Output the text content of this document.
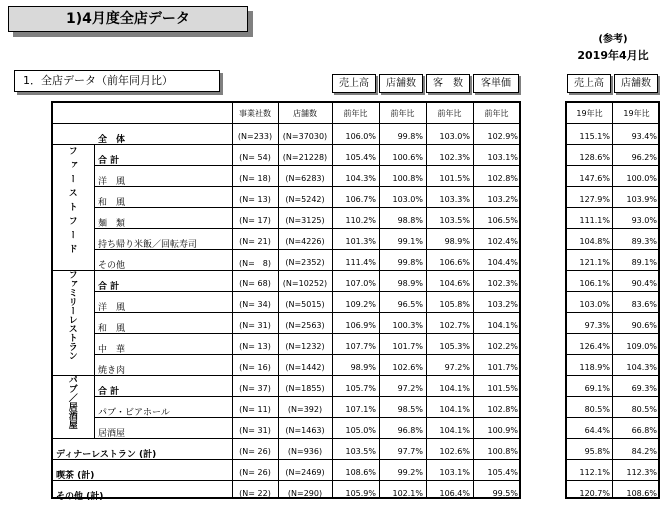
1)4月度全店データ
(参考)
2019年4月比
1．全店データ（前年同月比）	売上高	店舗数	客　数	客単価	売上高	店舗数
事業社数	店舗数	前年比	前年比	前年比	前年比	19年比	19年比
ファーストフード
ファミリーレストラン
パブ／居酒屋
全　体	(N=233)	(N=37030)	106.0%	99.8%	103.0%	102.9%	115.1%	93.4%
合 計	(N= 54)	(N=21228)	105.4%	100.6%	102.3%	103.1%	128.6%	96.2%
洋　風	(N= 18)	(N=6283)	104.3%	100.8%	101.5%	102.8%	147.6%	100.0%
和　風	(N= 13)	(N=5242)	106.7%	103.0%	103.3%	103.2%	127.9%	103.9%
麺　類	(N= 17)	(N=3125)	110.2%	98.8%	103.5%	106.5%	111.1%	93.0%
持ち帰り米飯／回転寿司	(N= 21)	(N=4226)	101.3%	99.1%	98.9%	102.4%	104.8%	89.3%
その他	(N=　8)	(N=2352)	111.4%	99.8%	106.6%	104.4%	121.1%	89.1%
合 計	(N= 68)	(N=10252)	107.0%	98.9%	104.6%	102.3%	106.1%	90.4%
洋　風	(N= 34)	(N=5015)	109.2%	96.5%	105.8%	103.2%	103.0%	83.6%
和　風	(N= 31)	(N=2563)	106.9%	100.3%	102.7%	104.1%	97.3%	90.6%
中　華	(N= 13)	(N=1232)	107.7%	101.7%	105.3%	102.2%	126.4%	109.0%
焼き肉	(N= 16)	(N=1442)	98.9%	102.6%	97.2%	101.7%	118.9%	104.3%
合 計	(N= 37)	(N=1855)	105.7%	97.2%	104.1%	101.5%	69.1%	69.3%
パブ・ビアホール	(N= 11)	(N=392)	107.1%	98.5%	104.1%	102.8%	80.5%	80.5%
居酒屋	(N= 31)	(N=1463)	105.0%	96.8%	104.1%	100.9%	64.4%	66.8%
ディナーレストラン (計)	(N= 26)	(N=936)	103.5%	97.7%	102.6%	100.8%	95.8%	84.2%
喫茶 (計)	(N= 26)	(N=2469)	108.6%	99.2%	103.1%	105.4%	112.1%	112.3%
その他 (計)	(N= 22)	(N=290)	105.9%	102.1%	106.4%	99.5%	120.7%	108.6%
